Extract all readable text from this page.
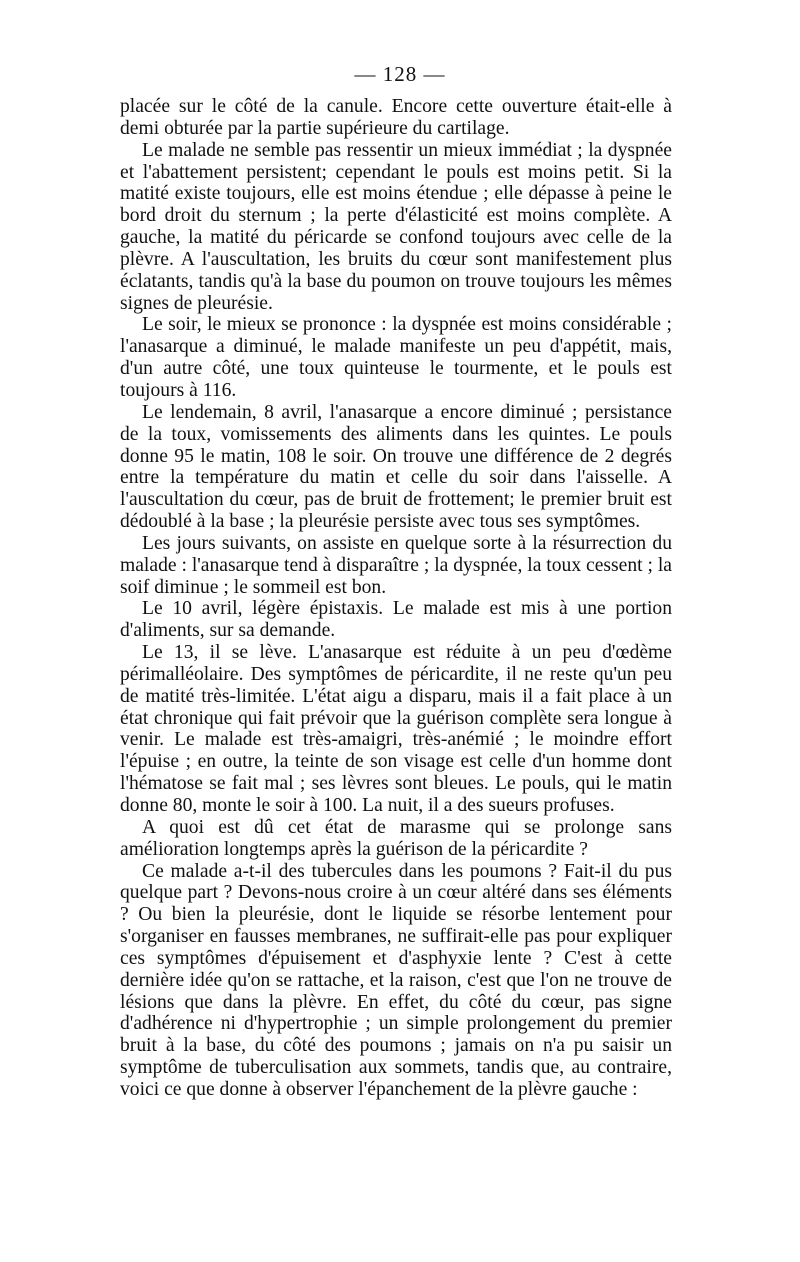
— 128 —

placée sur le côté de la canule. Encore cette ouverture était-elle à demi obturée par la partie supérieure du cartilage.

Le malade ne semble pas ressentir un mieux immédiat ; la dyspnée et l'abattement persistent; cependant le pouls est moins petit. Si la matité existe toujours, elle est moins étendue ; elle dépasse à peine le bord droit du sternum ; la perte d'élasticité est moins complète. A gauche, la matité du péricarde se confond toujours avec celle de la plèvre. A l'auscultation, les bruits du cœur sont manifestement plus éclatants, tandis qu'à la base du poumon on trouve toujours les mêmes signes de pleurésie.

Le soir, le mieux se prononce : la dyspnée est moins considérable ; l'anasarque a diminué, le malade manifeste un peu d'appétit, mais, d'un autre côté, une toux quinteuse le tourmente, et le pouls est toujours à 116.

Le lendemain, 8 avril, l'anasarque a encore diminué ; persistance de la toux, vomissements des aliments dans les quintes. Le pouls donne 95 le matin, 108 le soir. On trouve une différence de 2 degrés entre la température du matin et celle du soir dans l'aisselle. A l'auscultation du cœur, pas de bruit de frottement; le premier bruit est dédoublé à la base ; la pleurésie persiste avec tous ses symptômes.

Les jours suivants, on assiste en quelque sorte à la résurrection du malade : l'anasarque tend à disparaître ; la dyspnée, la toux cessent ; la soif diminue ; le sommeil est bon.

Le 10 avril, légère épistaxis. Le malade est mis à une portion d'aliments, sur sa demande.

Le 13, il se lève. L'anasarque est réduite à un peu d'œdème périmalléolaire. Des symptômes de péricardite, il ne reste qu'un peu de matité très-limitée. L'état aigu a disparu, mais il a fait place à un état chronique qui fait prévoir que la guérison complète sera longue à venir. Le malade est très-amaigri, très-anémié ; le moindre effort l'épuise ; en outre, la teinte de son visage est celle d'un homme dont l'hématose se fait mal ; ses lèvres sont bleues. Le pouls, qui le matin donne 80, monte le soir à 100. La nuit, il a des sueurs profuses.

A quoi est dû cet état de marasme qui se prolonge sans amélioration longtemps après la guérison de la péricardite ?

Ce malade a-t-il des tubercules dans les poumons ? Fait-il du pus quelque part ? Devons-nous croire à un cœur altéré dans ses éléments ? Ou bien la pleurésie, dont le liquide se résorbe lentement pour s'organiser en fausses membranes, ne suffirait-elle pas pour expliquer ces symptômes d'épuisement et d'asphyxie lente ? C'est à cette dernière idée qu'on se rattache, et la raison, c'est que l'on ne trouve de lésions que dans la plèvre. En effet, du côté du cœur, pas signe d'adhérence ni d'hypertrophie ; un simple prolongement du premier bruit à la base, du côté des poumons ; jamais on n'a pu saisir un symptôme de tuberculisation aux sommets, tandis que, au contraire, voici ce que donne à observer l'épanchement de la plèvre gauche :
